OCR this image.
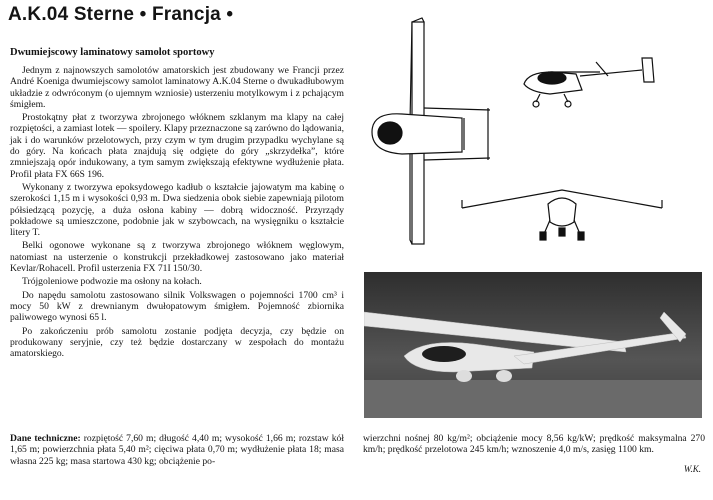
A.K.04 Sterne • Francja •
Dwumiejscowy laminatowy samolot sportowy

Jednym z najnowszych samolotów amatorskich jest zbudowany we Francji przez André Koeniga dwumiejscowy samolot laminatowy A.K.04 Sterne o dwukadłubowym układzie z odwróconym (o ujemnym wzniosie) usterzeniu motylkowym i z pchającym śmigłem.

Prostokątny płat z tworzywa zbrojonego włóknem szklanym ma klapy na całej rozpiętości, a zamiast lotek — spoilery. Klapy przeznaczone są zarówno do lądowania, jak i do warunków przelotowych, przy czym w tym drugim przypadku wychylane są do góry. Na końcach płata znajdują się odgięte do góry „skrzydełka”, które zmniejszają opór indukowany, a tym samym zwiększają efektywne wydłużenie płata. Profil płata FX 66S 196.

Wykonany z tworzywa epoksydowego kadłub o kształcie jajowatym ma kabinę o szerokości 1,15 m i wysokości 0,93 m. Dwa siedzenia obok siebie zapewniają pilotom półsiedzącą pozycję, a duża osłona kabiny — dobrą widoczność. Przyrządy pokładowe są umieszczone, podobnie jak w szybowcach, na wysięgniku o kształcie litery T.

Belki ogonowe wykonane są z tworzywa zbrojonego włóknem węglowym, natomiast na usterzenie o konstrukcji przekładkowej zastosowano jako materiał Kevlar/Rohacell. Profil usterzenia FX 71I 150/30.

Trójgoleniowe podwozie ma osłony na kołach.

Do napędu samolotu zastosowano silnik Volkswagen o pojemności 1700 cm³ i mocy 50 kW z drewnianym dwułopatowym śmigłem. Pojemność zbiornika paliwowego wynosi 65 l.

Po zakończeniu prób samolotu zostanie podjęta decyzja, czy będzie on produkowany seryjnie, czy też będzie dostarczany w zespołach do montażu amatorskiego.

Dane techniczne: rozpiętość 7,60 m; długość 4,40 m; wysokość 1,66 m; rozstaw kół 1,65 m; powierzchnia płata 5,40 m²; cięciwa płata 0,70 m; wydłużenie płata 18; masa własna 225 kg; masa startowa 430 kg; obciążenie po-
wierzchni nośnej 80 kg/m²; obciążenie mocy 8,56 kg/kW; prędkość maksymalna 270 km/h; prędkość przelotowa 245 km/h; wznoszenie 4,0 m/s, zasięg 1100 km.
W.K.
